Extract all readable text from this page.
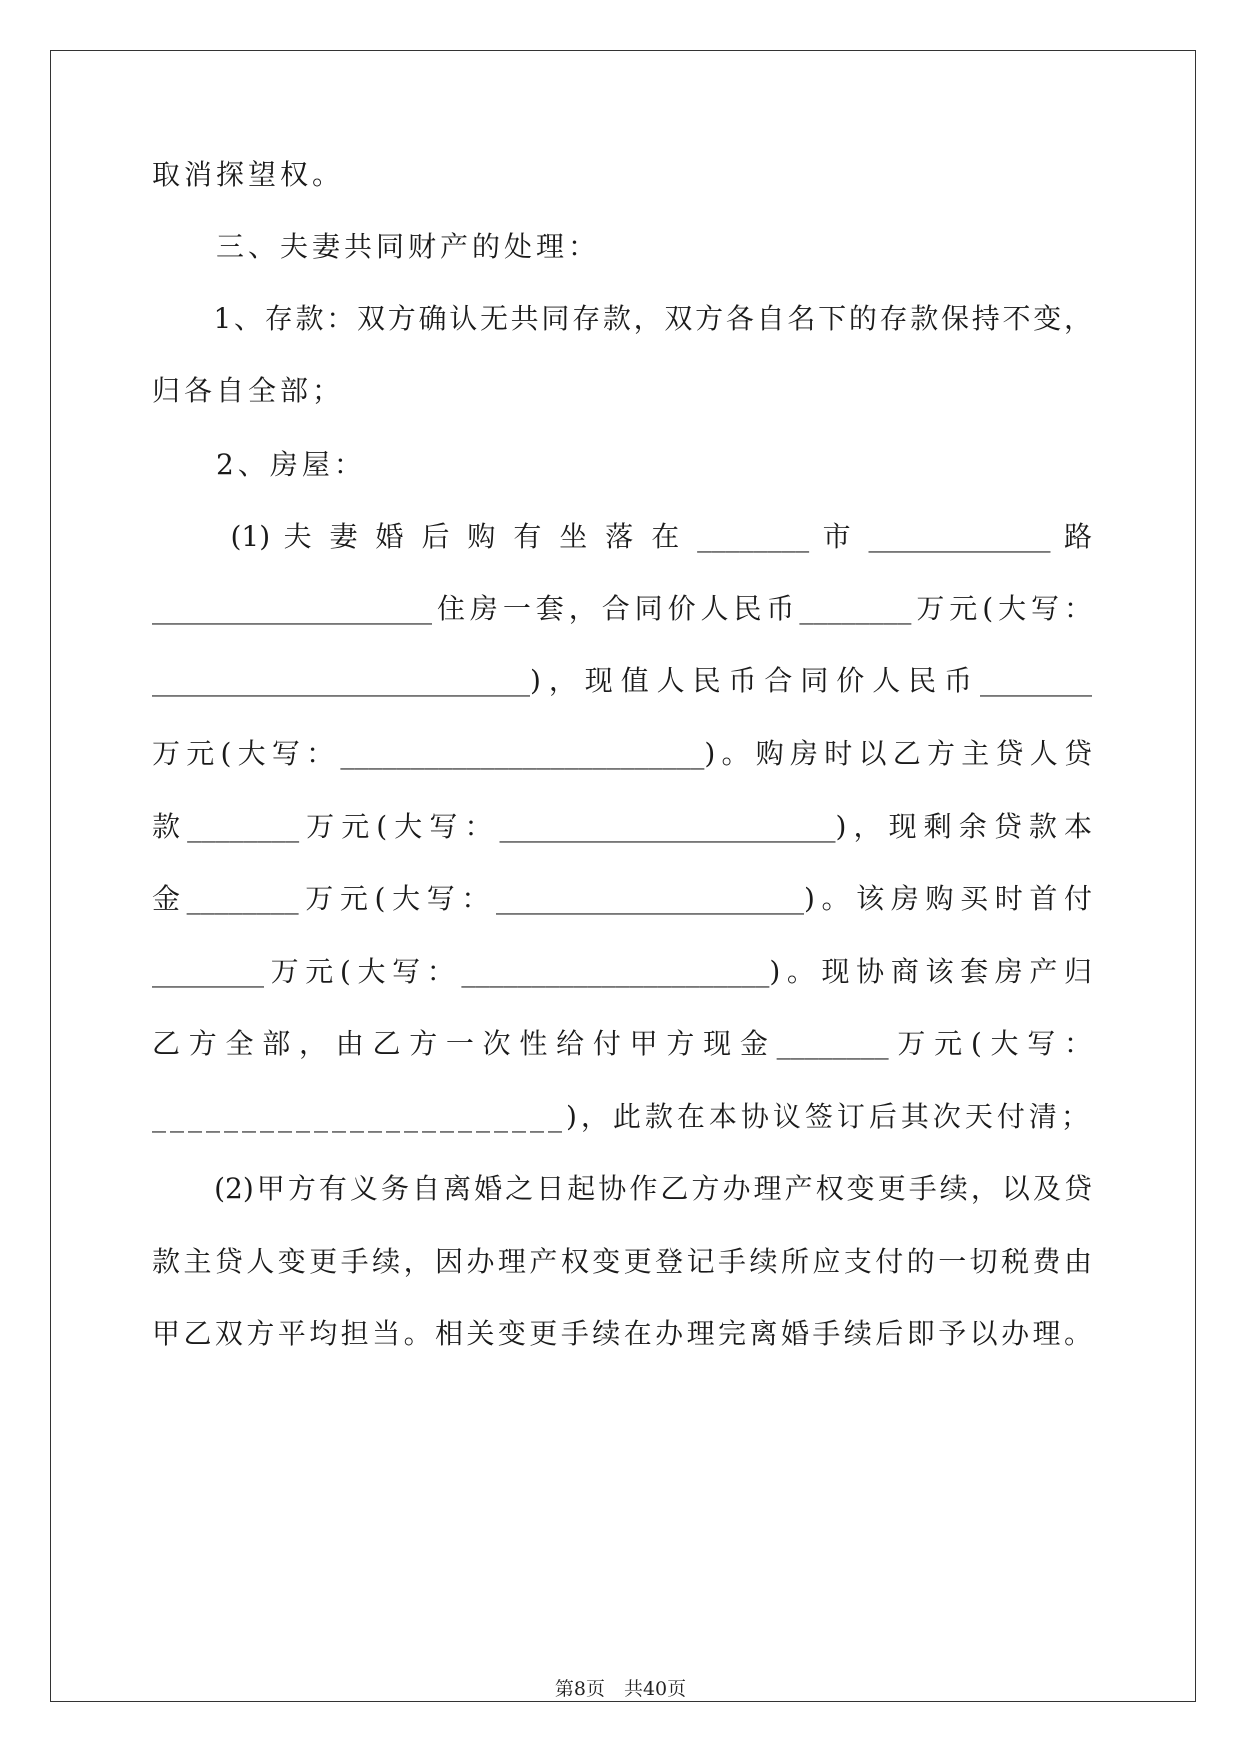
取消探望权。
　　三、夫妻共同财产的处理：
　　1、存款：双方确认无共同存款，双方各自名下的存款保持不变，
归各自全部；
　　2、房屋：
　　 (1) 夫 妻 婚 后 购 有 坐 落 在 ________ 市 _____________ 路
____________________住房一套，合同价人民币________万元(大写：
___________________________)，现值人民币合同价人民币________
万元(大写：__________________________)。购房时以乙方主贷人贷
款________万元(大写：________________________)，现剩余贷款本
金________万元(大写：______________________)。该房购买时首付
________万元(大写：______________________)。现协商该套房产归
乙方全部，由乙方一次性给付甲方现金________万元(大写：
_______________________)，此款在本协议签订后其次天付清；
　　(2)甲方有义务自离婚之日起协作乙方办理产权变更手续，以及贷
款主贷人变更手续，因办理产权变更登记手续所应支付的一切税费由
甲乙双方平均担当。相关变更手续在办理完离婚手续后即予以办理。
第8页　共40页
